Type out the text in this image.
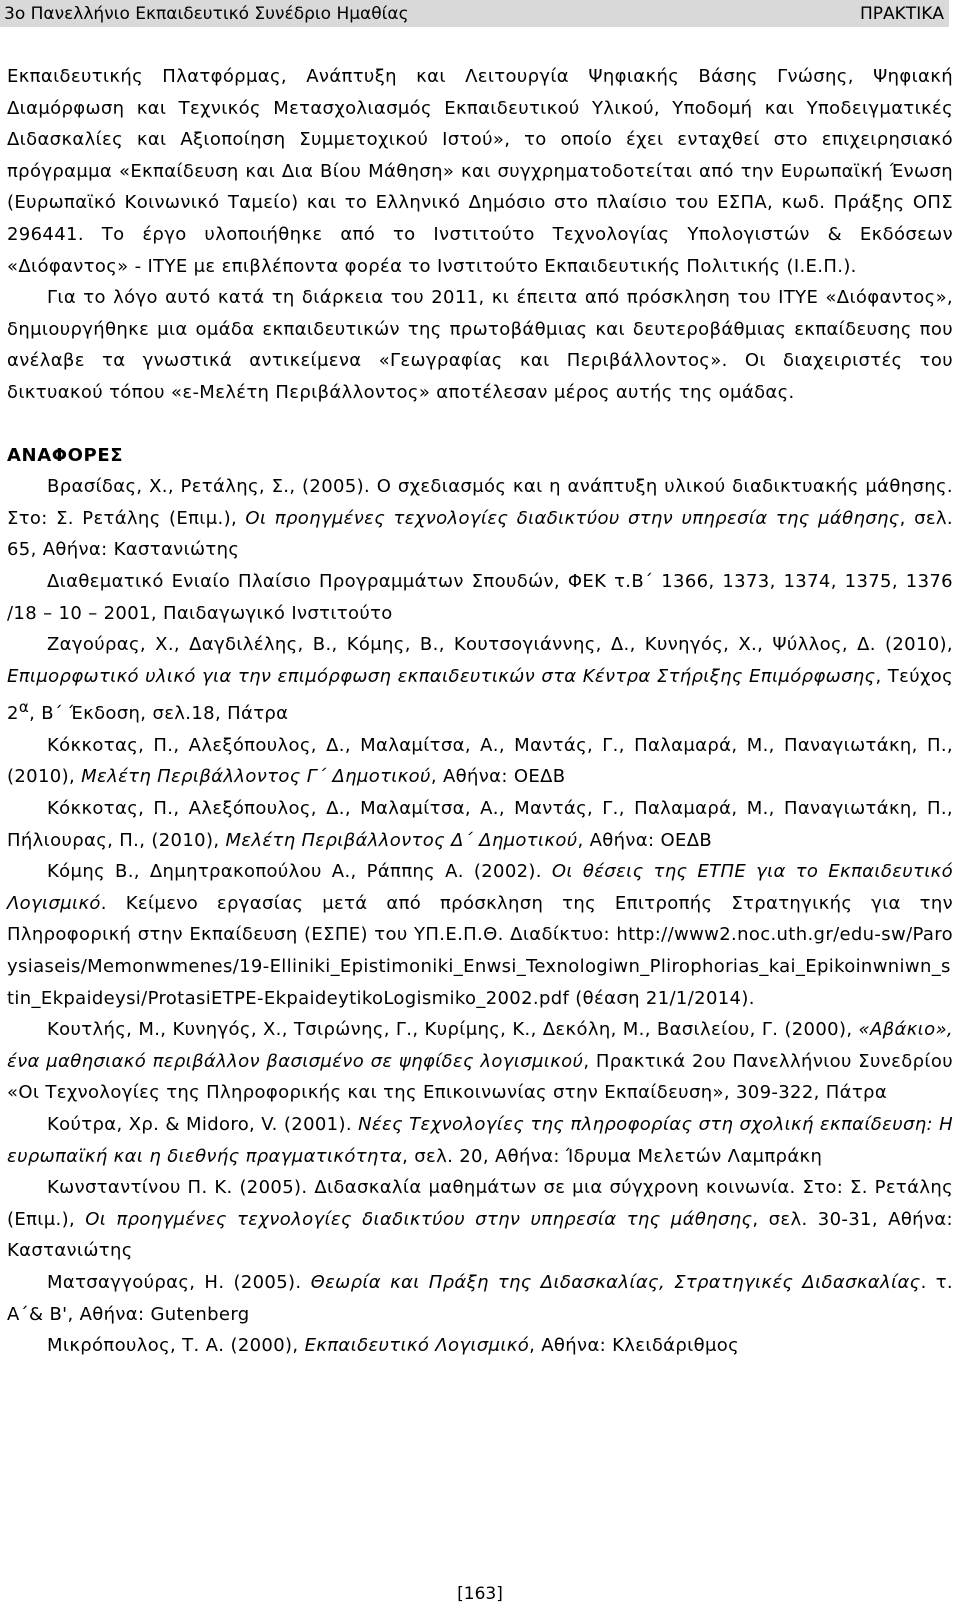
3ο Πανελλήνιο Εκπαιδευτικό Συνέδριο Ημαθίας	ΠΡΑΚΤΙΚΑ

Εκπαιδευτικής Πλατφόρμας, Ανάπτυξη και Λειτουργία Ψηφιακής Βάσης Γνώσης, Ψηφιακή Διαμόρφωση και Τεχνικός Μετασχολιασμός Εκπαιδευτικού Υλικού, Υποδομή και Υποδειγματικές Διδασκαλίες και Αξιοποίηση Συμμετοχικού Ιστού», το οποίο έχει ενταχθεί στο επιχειρησιακό πρόγραμμα «Εκπαίδευση και Δια Βίου Μάθηση» και συγχρηματοδοτείται από την Ευρωπαϊκή Ένωση (Ευρωπαϊκό Κοινωνικό Ταμείο) και το Ελληνικό Δημόσιο στο πλαίσιο του ΕΣΠΑ, κωδ. Πράξης ΟΠΣ 296441. Το έργο υλοποιήθηκε από το Ινστιτούτο Τεχνολογίας Υπολογιστών & Εκδόσεων «Διόφαντος» - ΙΤΥΕ με επιβλέποντα φορέα το Ινστιτούτο Εκπαιδευτικής Πολιτικής (Ι.Ε.Π.).

Για το λόγο αυτό κατά τη διάρκεια του 2011, κι έπειτα από πρόσκληση του ΙΤΥΕ «Διόφαντος», δημιουργήθηκε μια ομάδα εκπαιδευτικών της πρωτοβάθμιας και δευτεροβάθμιας εκπαίδευσης που ανέλαβε τα γνωστικά αντικείμενα «Γεωγραφίας και Περιβάλλοντος». Οι διαχειριστές του δικτυακού τόπου «ε-Μελέτη Περιβάλλοντος» αποτέλεσαν μέρος αυτής της ομάδας.

ΑΝΑΦΟΡΕΣ

Βρασίδας, Χ., Ρετάλης, Σ., (2005). Ο σχεδιασμός και η ανάπτυξη υλικού διαδικτυακής μάθησης. Στο: Σ. Ρετάλης (Επιμ.), Οι προηγμένες τεχνολογίες διαδικτύου στην υπηρεσία της μάθησης, σελ. 65, Αθήνα: Καστανιώτης

Διαθεματικό Ενιαίο Πλαίσιο Προγραμμάτων Σπουδών, ΦΕΚ τ.Β΄ 1366, 1373, 1374, 1375, 1376 /18 – 10 – 2001, Παιδαγωγικό Ινστιτούτο

Ζαγούρας, Χ., Δαγδιλέλης, Β., Κόμης, Β., Κουτσογιάννης, Δ., Κυνηγός, Χ., Ψύλλος, Δ. (2010), Επιμορφωτικό υλικό για την επιμόρφωση εκπαιδευτικών στα Κέντρα Στήριξης Επιμόρφωσης, Τεύχος $2^\alpha$, Β΄ Έκδοση, σελ.18, Πάτρα

Κόκκοτας, Π., Αλεξόπουλος, Δ., Μαλαμίτσα, Α., Μαντάς, Γ., Παλαμαρά, Μ., Παναγιωτάκη, Π., (2010), Μελέτη Περιβάλλοντος Γ΄ Δημοτικού, Αθήνα: ΟΕΔΒ

Κόκκοτας, Π., Αλεξόπουλος, Δ., Μαλαμίτσα, Α., Μαντάς, Γ., Παλαμαρά, Μ., Παναγιωτάκη, Π., Πήλιουρας, Π., (2010), Μελέτη Περιβάλλοντος Δ΄ Δημοτικού, Αθήνα: ΟΕΔΒ

Κόμης Β., Δημητρακοπούλου Α., Ράππης Α. (2002). Οι θέσεις της ΕΤΠΕ για το Εκπαιδευτικό Λογισμικό. Κείμενο εργασίας μετά από πρόσκληση της Επιτροπής Στρατηγικής για την Πληροφορική στην Εκπαίδευση (ΕΣΠΕ) του ΥΠ.Ε.Π.Θ. Διαδίκτυο: http://www2.noc.uth.gr/edu-sw/Paroysiaseis/Memonwmenes/19-Elliniki_Epistimoniki_Enwsi_Texnologiwn_Plirophorias_kai_Epikoinwniwn_stin_Ekpaideysi/ProtasiETPE-EkpaideytikoLogismiko_2002.pdf (θέαση 21/1/2014).

Κουτλής, Μ., Κυνηγός, Χ., Τσιρώνης, Γ., Κυρίμης, Κ., Δεκόλη, Μ., Βασιλείου, Γ. (2000), «Αβάκιο», ένα μαθησιακό περιβάλλον βασισμένο σε ψηφίδες λογισμικού, Πρακτικά 2ου Πανελλήνιου Συνεδρίου «Οι Τεχνολογίες της Πληροφορικής και της Επικοινωνίας στην Εκπαίδευση», 309-322, Πάτρα

Κούτρα, Χρ. & Midoro, V. (2001). Νέες Τεχνολογίες της πληροφορίας στη σχολική εκπαίδευση: Η ευρωπαϊκή και η διεθνής πραγματικότητα, σελ. 20, Αθήνα: Ίδρυμα Μελετών Λαμπράκη

Κωνσταντίνου Π. Κ. (2005). Διδασκαλία μαθημάτων σε μια σύγχρονη κοινωνία. Στο: Σ. Ρετάλης (Επιμ.), Οι προηγμένες τεχνολογίες διαδικτύου στην υπηρεσία της μάθησης, σελ. 30-31, Αθήνα: Καστανιώτης

Ματσαγγούρας, Η. (2005). Θεωρία και Πράξη της Διδασκαλίας, Στρατηγικές Διδασκαλίας. τ. Α΄& Β', Αθήνα: Gutenberg

Μικρόπουλος, Τ. Α. (2000), Εκπαιδευτικό Λογισμικό, Αθήνα: Κλειδάριθμος

[163]
